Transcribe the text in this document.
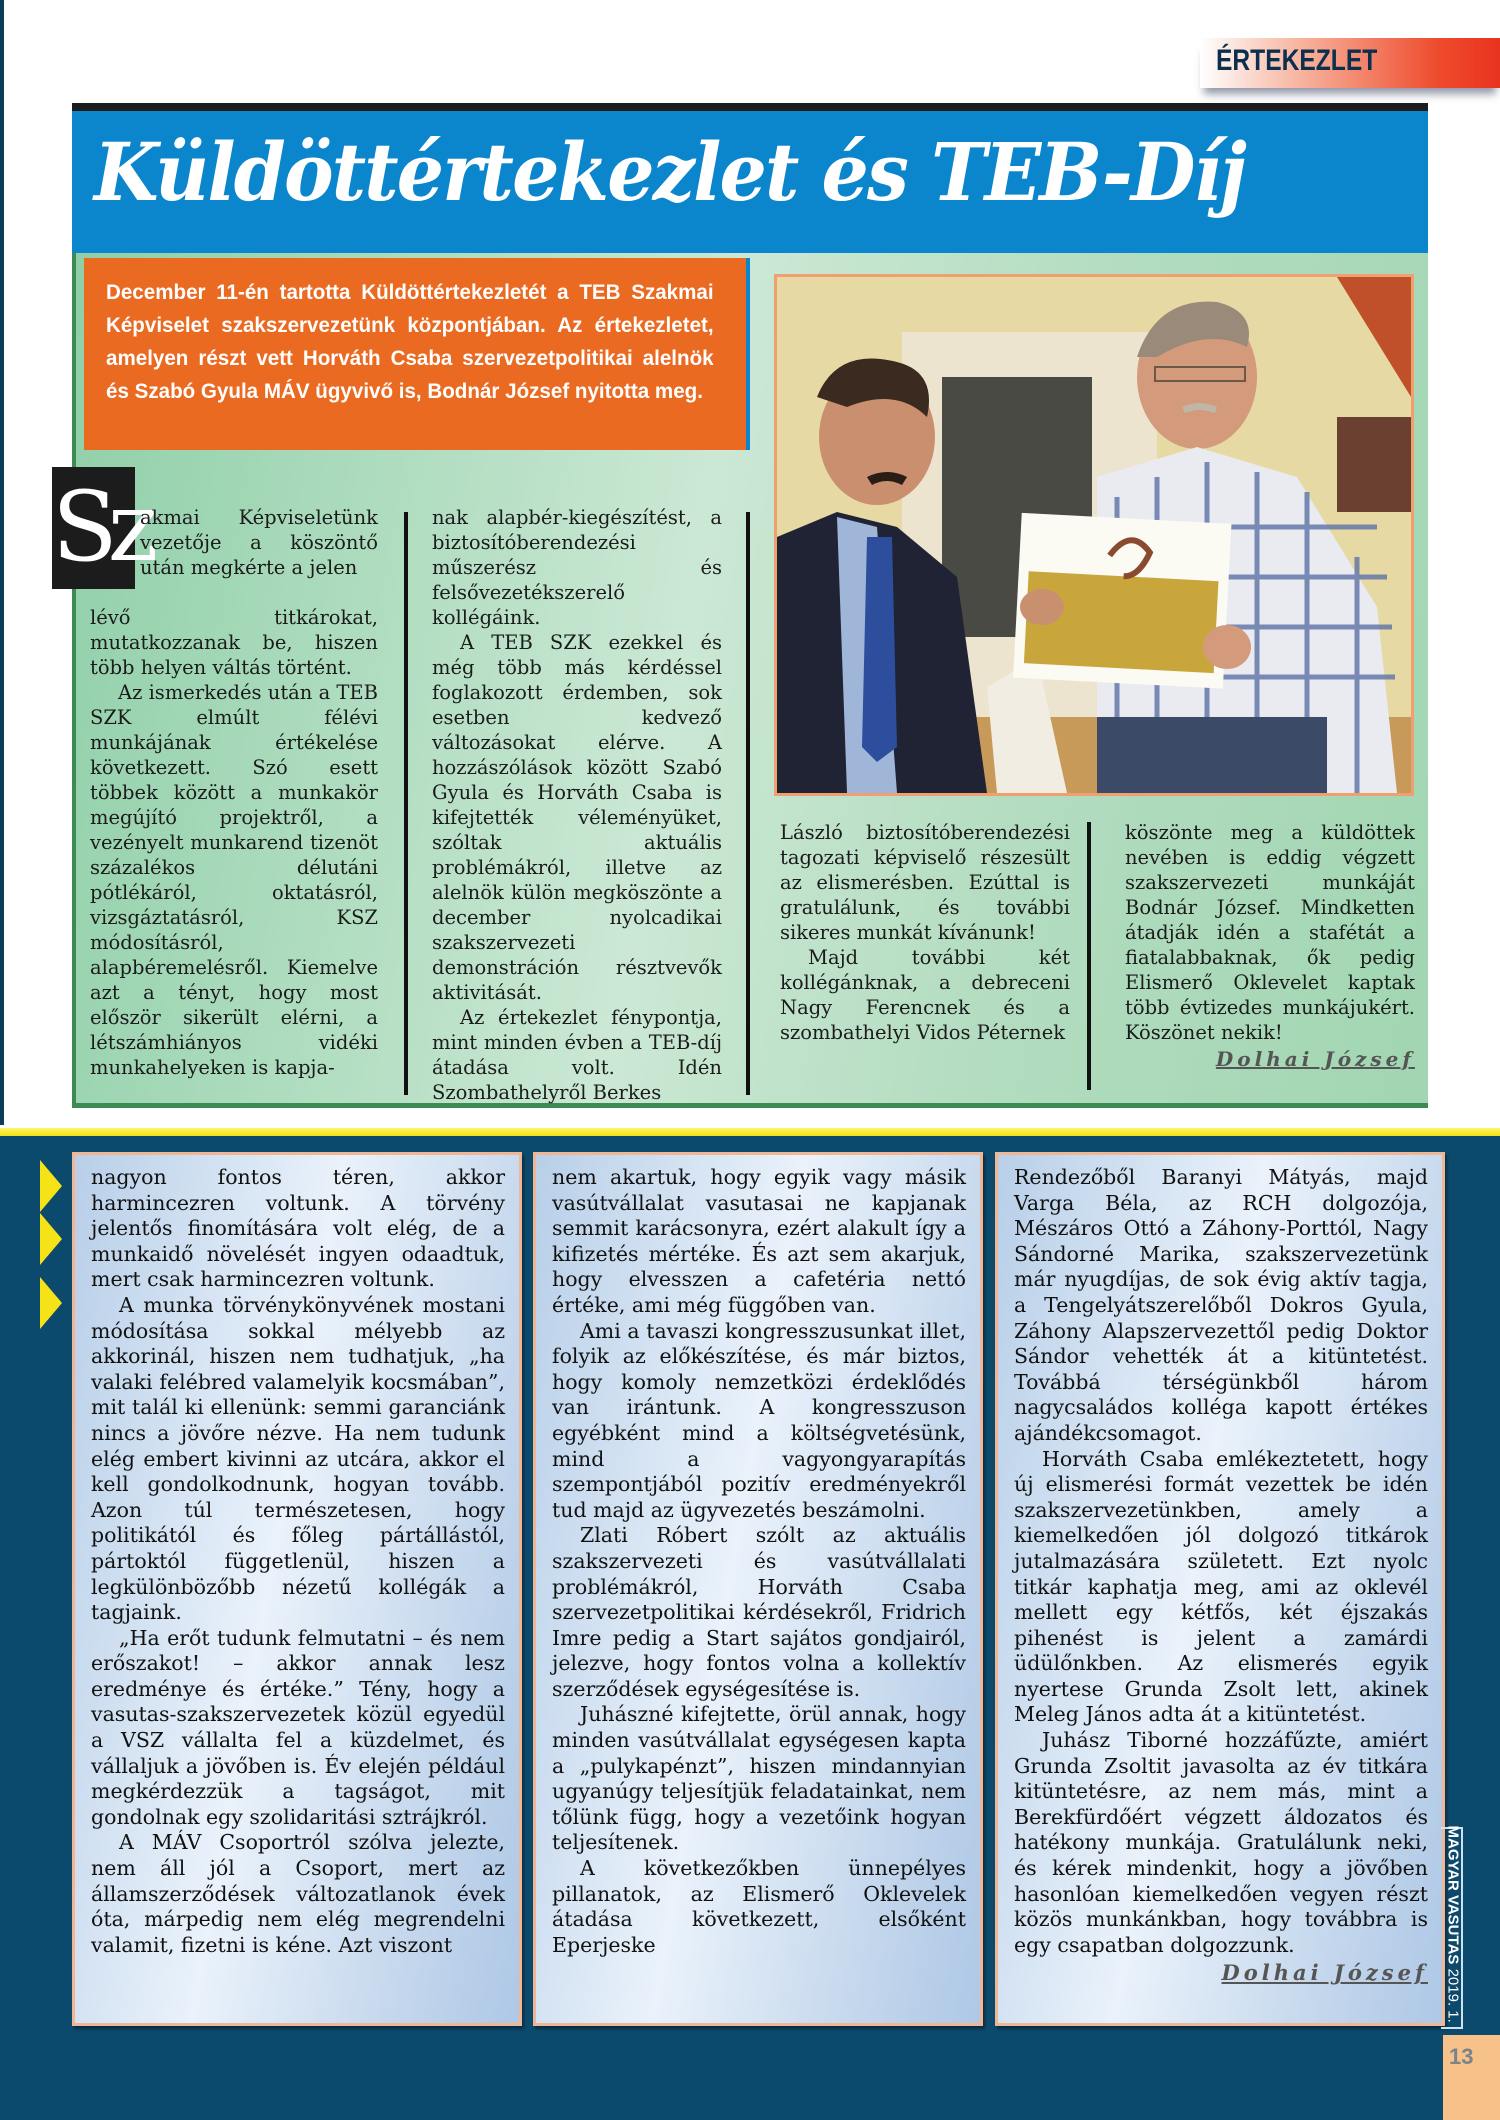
ÉRTEKEZLET
Küldöttértekezlet és TEB-Díj

December 11-én tartotta Küldöttértekezletét a TEB Szakmai Képviselet szakszervezetünk központjában. Az értekezletet, amelyen részt vett Horváth Csaba szervezetpolitikai alelnök és Szabó Gyula MÁV ügyvivő is, Bodnár József nyitotta meg.

Sz

akmai Képviseletünk vezetője a köszöntő után megkérte a jelen

lévő titkárokat, mutatkozzanak be, hiszen több helyen váltás történt.

Az ismerkedés után a TEB SZK elmúlt félévi munkájának értékelése következett. Szó esett többek között a munkakör megújító projektről, a vezényelt munkarend tizenöt százalékos délutáni pótlékáról, oktatásról, vizsgáztatásról, KSZ módosításról, alapbéremelésről. Kiemelve azt a tényt, hogy most először sikerült elérni, a létszámhiányos vidéki munkahelyeken is kapja-

nak alapbér-kiegészítést, a biztosítóberendezési műszerész és felsővezetékszerelő kollégáink.

A TEB SZK ezekkel és még több más kérdéssel foglakozott érdemben, sok esetben kedvező változásokat elérve. A hozzászólások között Szabó Gyula és Horváth Csaba is kifejtették véleményüket, szóltak aktuális problémákról, illetve az alelnök külön megköszönte a december nyolcadikai szakszervezeti demonstráción résztvevők aktivitását.

Az értekezlet fénypontja, mint minden évben a TEB-díj átadása volt. Idén Szombathelyről Berkes

László biztosítóberendezési tagozati képviselő részesült az elismerésben. Ezúttal is gratulálunk, és további sikeres munkát kívánunk!

Majd további két kollégánknak, a debreceni Nagy Ferencnek és a szombathelyi Vidos Péternek

köszönte meg a küldöttek nevében is eddig végzett szakszervezeti munkáját Bodnár József. Mindketten átadják idén a stafétát a fiatalabbaknak, ők pedig Elismerő Oklevelet kaptak több évtizedes munkájukért. Köszönet nekik!

Dolhai József

nagyon fontos téren, akkor harmincezren voltunk. A törvény jelentős finomítására volt elég, de a munkaidő növelését ingyen odaadtuk, mert csak harmincezren voltunk.

A munka törvénykönyvének mostani módosítása sokkal mélyebb az akkorinál, hiszen nem tudhatjuk, „ha valaki felébred valamelyik kocsmában”, mit talál ki ellenünk: semmi garanciánk nincs a jövőre nézve. Ha nem tudunk elég embert kivinni az utcára, akkor el kell gondolkodnunk, hogyan tovább. Azon túl természetesen, hogy politikától és főleg pártállástól, pártoktól függetlenül, hiszen a legkülönbözőbb nézetű kollégák a tagjaink.

„Ha erőt tudunk felmutatni – és nem erőszakot! – akkor annak lesz eredménye és értéke.” Tény, hogy a vasutas-szakszervezetek közül egyedül a VSZ vállalta fel a küzdelmet, és vállaljuk a jövőben is. Év elején például megkérdezzük a tagságot, mit gondolnak egy szolidaritási sztrájkról.

A MÁV Csoportról szólva jelezte, nem áll jól a Csoport, mert az államszerződések változatlanok évek óta, márpedig nem elég megrendelni valamit, fizetni is kéne. Azt viszont

nem akartuk, hogy egyik vagy másik vasútvállalat vasutasai ne kapjanak semmit karácsonyra, ezért alakult így a kifizetés mértéke. És azt sem akarjuk, hogy elvesszen a cafetéria nettó értéke, ami még függőben van.

Ami a tavaszi kongresszusunkat illet, folyik az előkészítése, és már biztos, hogy komoly nemzetközi érdeklődés van irántunk. A kongresszuson egyébként mind a költségvetésünk, mind a vagyongyarapítás szempontjából pozitív eredményekről tud majd az ügyvezetés beszámolni.

Zlati Róbert szólt az aktuális szakszervezeti és vasútvállalati problémákról, Horváth Csaba szervezetpolitikai kérdésekről, Fridrich Imre pedig a Start sajátos gondjairól, jelezve, hogy fontos volna a kollektív szerződések egységesítése is.

Juhászné kifejtette, örül annak, hogy minden vasútvállalat egységesen kapta a „pulykapénzt”, hiszen mindannyian ugyanúgy teljesítjük feladatainkat, nem tőlünk függ, hogy a vezetőink hogyan teljesítenek.

A következőkben ünnepélyes pillanatok, az Elismerő Oklevelek átadása következett, elsőként Eperjeske

Rendezőből Baranyi Mátyás, majd Varga Béla, az RCH dolgozója, Mészáros Ottó a Záhony-Porttól, Nagy Sándorné Marika, szakszervezetünk már nyugdíjas, de sok évig aktív tagja, a Tengelyátszerelőből Dokros Gyula, Záhony Alapszervezettől pedig Doktor Sándor vehették át a kitüntetést. Továbbá térségünkből három nagycsaládos kolléga kapott értékes ajándékcsomagot.

Horváth Csaba emlékeztetett, hogy új elismerési formát vezettek be idén szakszervezetünkben, amely a kiemelkedően jól dolgozó titkárok jutalmazására született. Ezt nyolc titkár kaphatja meg, ami az oklevél mellett egy kétfős, két éjszakás pihenést is jelent a zamárdi üdülőnkben. Az elismerés egyik nyertese Grunda Zsolt lett, akinek Meleg János adta át a kitüntetést.

Juhász Tiborné hozzáfűzte, amiért Grunda Zsoltit javasolta az év titkára kitüntetésre, az nem más, mint a Berekfürdőért végzett áldozatos és hatékony munkája. Gratulálunk neki, és kérek mindenkit, hogy a jövőben hasonlóan kiemelkedően vegyen részt közös munkánkban, hogy továbbra is egy csapatban dolgozzunk.

Dolhai József
MAGYAR VASUTAS 2019. 1.
13
